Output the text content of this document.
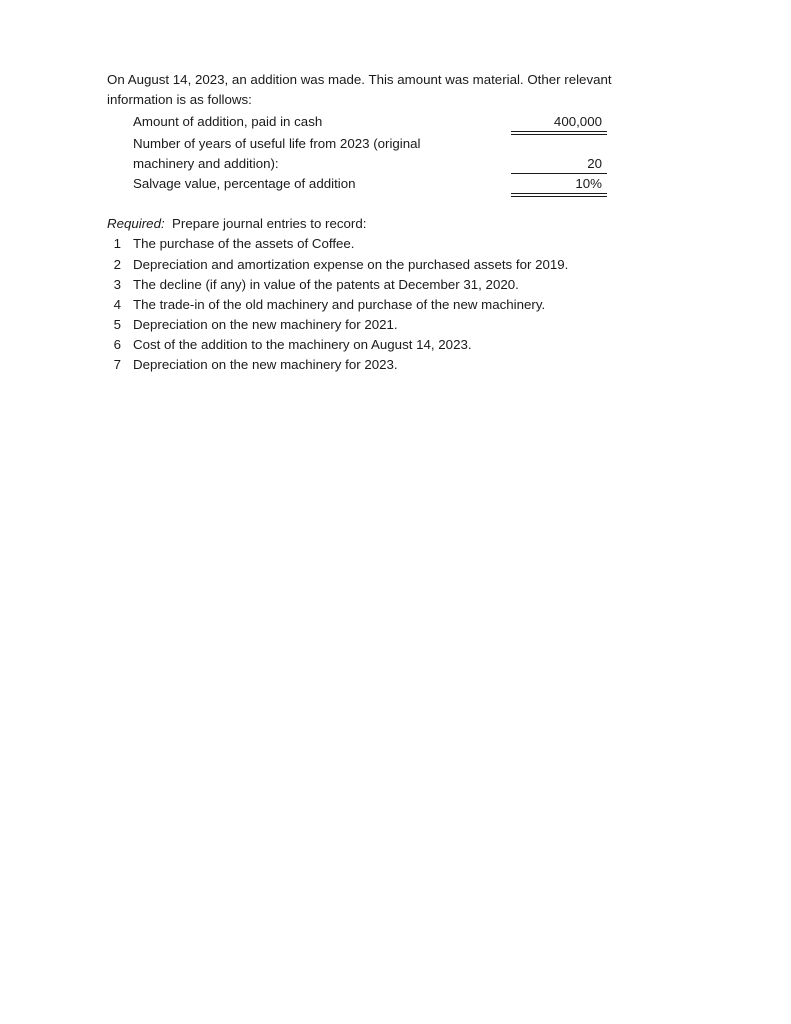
On August 14, 2023, an addition was made. This amount was material. Other relevant
information is as follows:
Amount of addition, paid in cash	400,000
Number of years of useful life from 2023 (original
machinery and addition):	20
Salvage value, percentage of addition	10%
Required: Prepare journal entries to record:
1 The purchase of the assets of Coffee.
2 Depreciation and amortization expense on the purchased assets for 2019.
3 The decline (if any) in value of the patents at December 31, 2020.
4 The trade-in of the old machinery and purchase of the new machinery.
5 Depreciation on the new machinery for 2021.
6 Cost of the addition to the machinery on August 14, 2023.
7 Depreciation on the new machinery for 2023.
